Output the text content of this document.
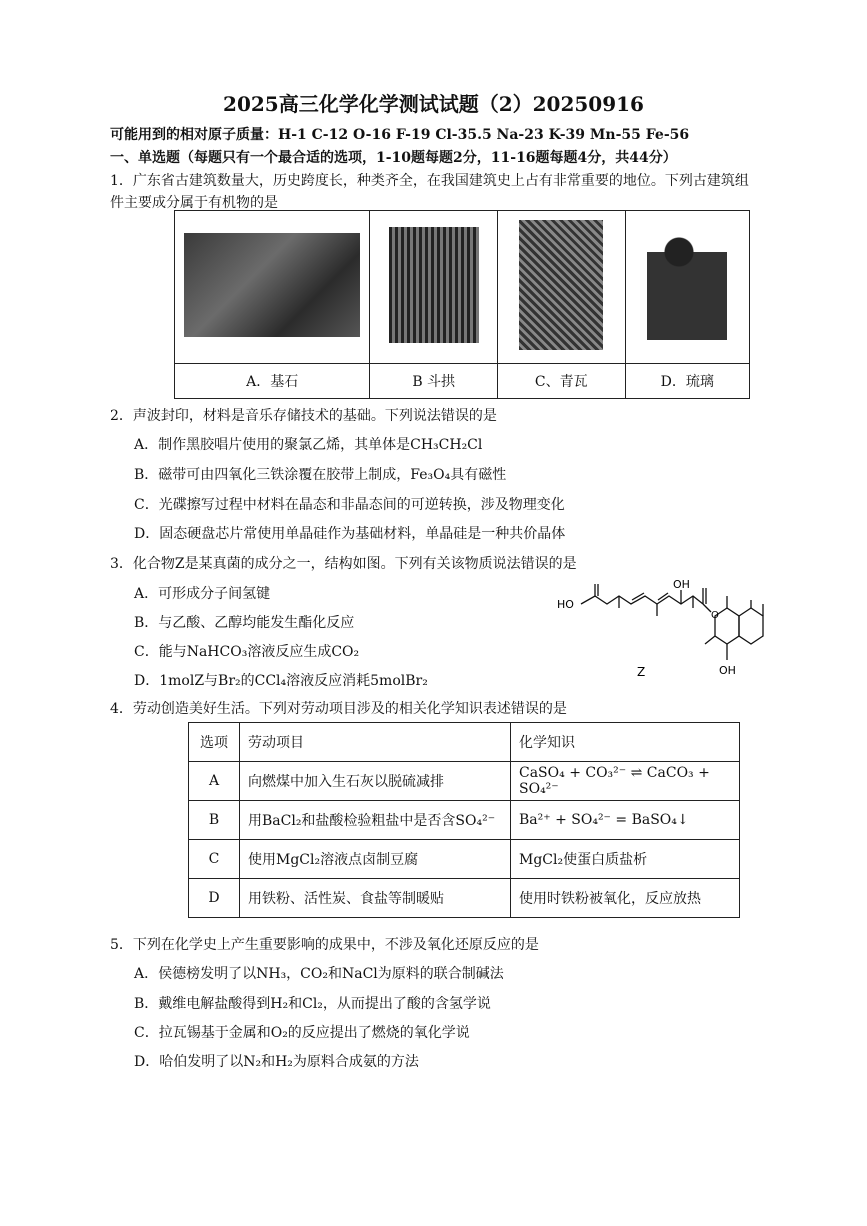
2025高三化学化学测试试题（2）20250916
可能用到的相对原子质量：H-1 C-12 O-16 F-19 Cl-35.5 Na-23 K-39 Mn-55 Fe-56
一、单选题（每题只有一个最合适的选项，1-10题每题2分，11-16题每题4分，共44分）
1．广东省古建筑数量大，历史跨度长，种类齐全，在我国建筑史上占有非常重要的地位。下列古建筑组
件主要成分属于有机物的是

A．基石	B 斗拱	C、青瓦	D．琉璃
2．声波封印，材料是音乐存储技术的基础。下列说法错误的是
A．制作黑胶唱片使用的聚氯乙烯，其单体是CH₃CH₂Cl
B．磁带可由四氧化三铁涂覆在胶带上制成，Fe₃O₄具有磁性
C．光碟擦写过程中材料在晶态和非晶态间的可逆转换，涉及物理变化
D．固态硬盘芯片常使用单晶硅作为基础材料，单晶硅是一种共价晶体
3．化合物Z是某真菌的成分之一，结构如图。下列有关该物质说法错误的是
A．可形成分子间氢键
B．与乙酸、乙醇均能发生酯化反应
C．能与NaHCO₃溶液反应生成CO₂
D．1molZ与Br₂的CCl₄溶液反应消耗5molBr₂
HO
OH
O
OH
Z
4．劳动创造美好生活。下列对劳动项目涉及的相关化学知识表述错误的是
选项	劳动项目	化学知识
A	向燃煤中加入生石灰以脱硫减排	CaSO₄ + CO₃²⁻ ⇌ CaCO₃ + SO₄²⁻
B	用BaCl₂和盐酸检验粗盐中是否含SO₄²⁻	Ba²⁺ + SO₄²⁻ = BaSO₄↓
C	使用MgCl₂溶液点卤制豆腐	MgCl₂使蛋白质盐析
D	用铁粉、活性炭、食盐等制暖贴	使用时铁粉被氧化，反应放热
5．下列在化学史上产生重要影响的成果中，不涉及氧化还原反应的是
A．侯德榜发明了以NH₃，CO₂和NaCl为原料的联合制碱法
B．戴维电解盐酸得到H₂和Cl₂，从而提出了酸的含氢学说
C．拉瓦锡基于金属和O₂的反应提出了燃烧的氧化学说
D．哈伯发明了以N₂和H₂为原料合成氨的方法
